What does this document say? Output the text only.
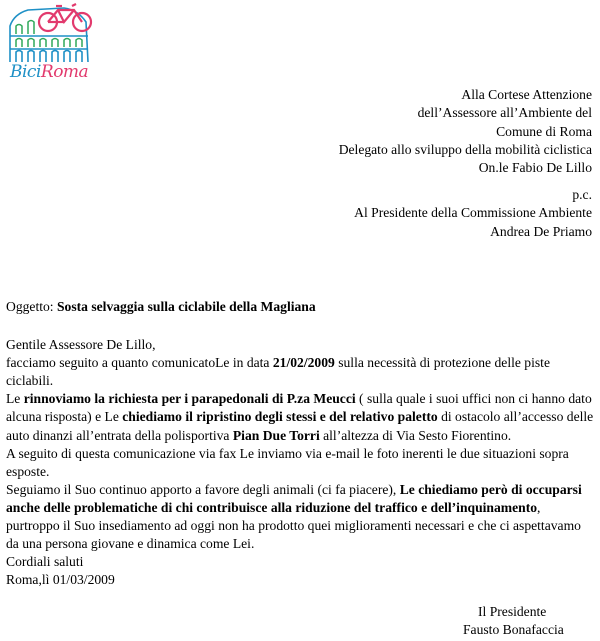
BiciRoma
Alla Cortese Attenzione
dell’Assessore all’Ambiente del
Comune di Roma
Delegato allo sviluppo della mobilità ciclistica
On.le Fabio De Lillo
p.c.
Al Presidente della Commissione Ambiente
Andrea De Priamo

Oggetto: Sosta selvaggia sulla ciclabile della Magliana

Gentile Assessore De Lillo,

facciamo seguito a quanto comunicatoLe in data 21/02/2009 sulla necessità di protezione delle piste ciclabili.

Le rinnoviamo la richiesta per i parapedonali di P.za Meucci ( sulla quale i suoi uffici non ci hanno dato alcuna risposta) e Le chiediamo il ripristino degli stessi e del relativo paletto di ostacolo all’accesso delle auto dinanzi all’entrata della polisportiva Pian Due Torri all’altezza di Via Sesto Fiorentino.

A seguito di questa comunicazione via fax Le inviamo via e-mail le foto inerenti le due situazioni sopra esposte.

Seguiamo il Suo continuo apporto a favore degli animali (ci fa piacere), Le chiediamo però di occuparsi anche delle problematiche di chi contribuisce alla riduzione del traffico e dell’inquinamento, purtroppo il Suo insediamento ad oggi non ha prodotto quei miglioramenti necessari e che ci aspettavamo da una persona giovane e dinamica come Lei.

Cordiali saluti

Roma,lì 01/03/2009

Il Presidente
Fausto Bonafaccia
